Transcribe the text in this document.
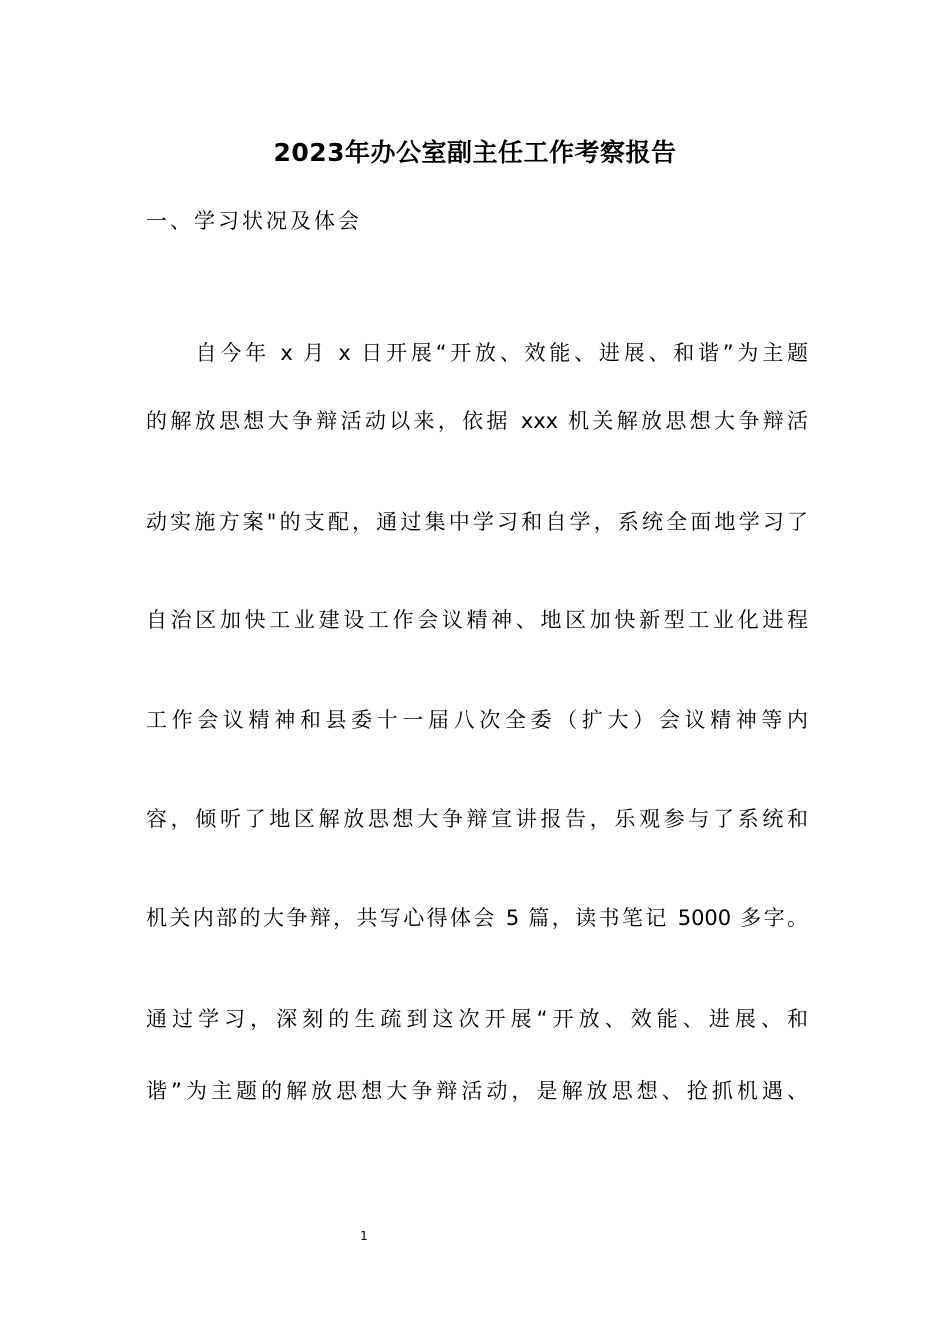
2023年办公室副主任工作考察报告
一、学习状况及体会
　　自今年 x 月 x 日开展“开放、效能、进展、和谐”为主题
的解放思想大争辩活动以来，依据 xxx 机关解放思想大争辩活
动实施方案"的支配，通过集中学习和自学，系统全面地学习了
自治区加快工业建设工作会议精神、地区加快新型工业化进程
工作会议精神和县委十一届八次全委（扩大）会议精神等内
容，倾听了地区解放思想大争辩宣讲报告，乐观参与了系统和
机关内部的大争辩，共写心得体会 5 篇，读书笔记 5000 多字。
通过学习，深刻的生疏到这次开展“开放、效能、进展、和
谐”为主题的解放思想大争辩活动，是解放思想、抢抓机遇、
1
